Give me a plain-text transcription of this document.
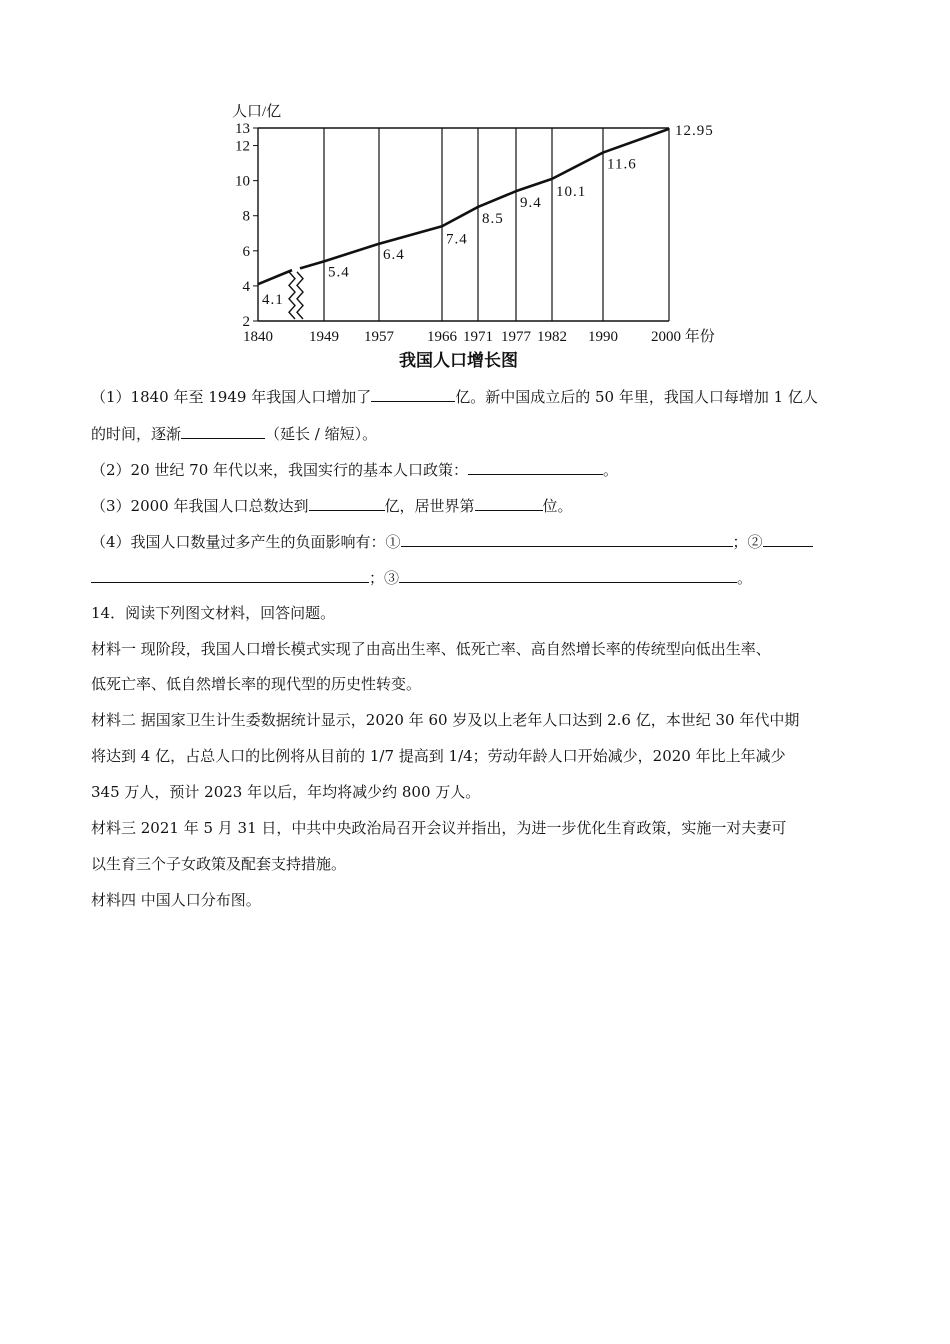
2
4
6
8
10
12
13
1840 1949 1957 1966 1971 1977 1982 1990 2000 年份
4.1
5.4
6.4
7.4
8.5
9.4
10.1
11.6
12.95
人口/亿
我国人口增长图
（1）1840 年至 1949 年我国人口增加了	亿。新中国成立后的 50 年里，我国人口每增加 1 亿人
的时间，逐渐	（延长 / 缩短）。
（2）20 世纪 70 年代以来，我国实行的基本人口政策：	。
（3）2000 年我国人口总数达到	亿，居世界第	位。
（4）我国人口数量过多产生的负面影响有：①	；②
；③	。
14．阅读下列图文材料，回答问题。
材料一 现阶段，我国人口增长模式实现了由高出生率、低死亡率、高自然增长率的传统型向低出生率、
低死亡率、低自然增长率的现代型的历史性转变。
材料二 据国家卫生计生委数据统计显示，2020 年 60 岁及以上老年人口达到 2.6 亿，本世纪 30 年代中期
将达到 4 亿，占总人口的比例将从目前的 1/7 提高到 1/4；劳动年龄人口开始减少，2020 年比上年减少
345 万人，预计 2023 年以后，年均将减少约 800 万人。
材料三 2021 年 5 月 31 日，中共中央政治局召开会议并指出，为进一步优化生育政策，实施一对夫妻可
以生育三个子女政策及配套支持措施。
材料四 中国人口分布图。
